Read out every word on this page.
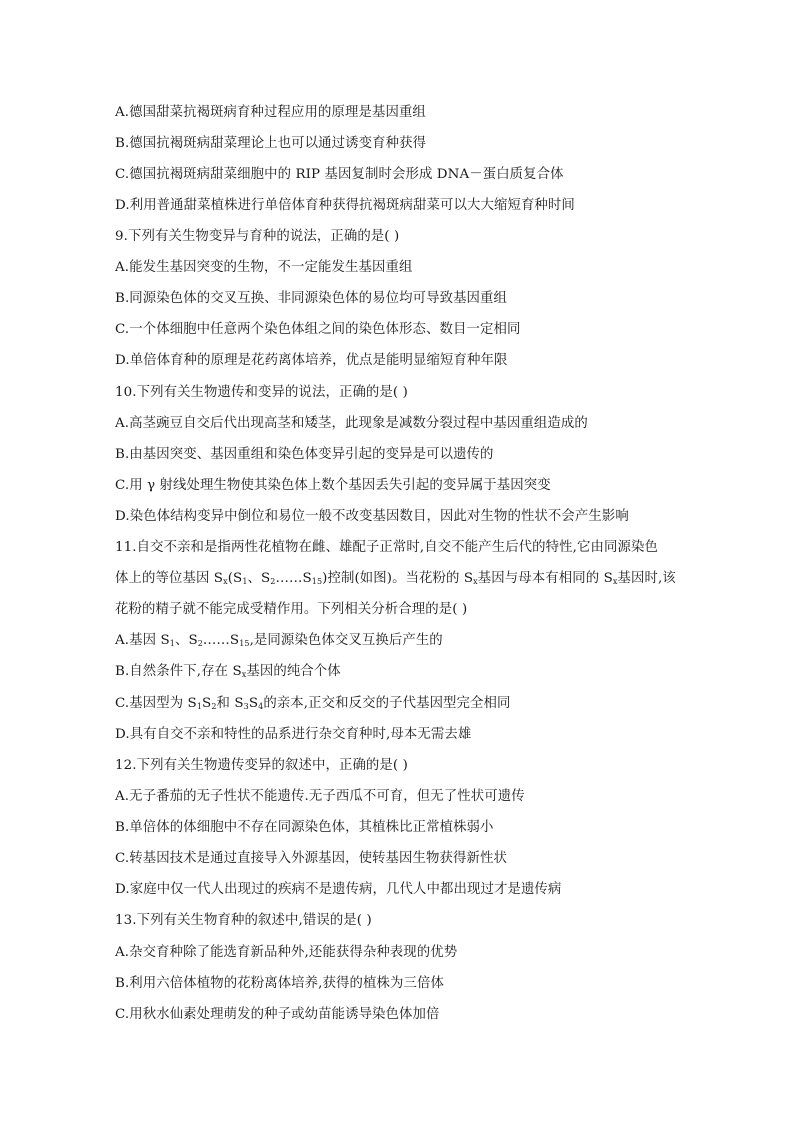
A.德国甜菜抗褐斑病育种过程应用的原理是基因重组
B.德国抗褐斑病甜菜理论上也可以通过诱变育种获得
C.德国抗褐斑病甜菜细胞中的 RIP 基因复制时会形成 DNA－蛋白质复合体
D.利用普通甜菜植株进行单倍体育种获得抗褐斑病甜菜可以大大缩短育种时间
9.下列有关生物变异与育种的说法，正确的是( )
A.能发生基因突变的生物，不一定能发生基因重组
B.同源染色体的交叉互换、非同源染色体的易位均可导致基因重组
C.一个体细胞中任意两个染色体组之间的染色体形态、数目一定相同
D.单倍体育种的原理是花药离体培养，优点是能明显缩短育种年限
10.下列有关生物遗传和变异的说法，正确的是( )
A.高茎豌豆自交后代出现高茎和矮茎，此现象是减数分裂过程中基因重组造成的
B.由基因突变、基因重组和染色体变异引起的变异是可以遗传的
C.用 γ 射线处理生物使其染色体上数个基因丢失引起的变异属于基因突变
D.染色体结构变异中倒位和易位一般不改变基因数目，因此对生物的性状不会产生影响
11.自交不亲和是指两性花植物在雌、雄配子正常时,自交不能产生后代的特性,它由同源染色
体上的等位基因 $S_x(S_1$、$S_2\dots\dots S_{15}$)控制(如图)。当花粉的 $S_x$基因与母本有相同的 $S_x$基因时,该
花粉的精子就不能完成受精作用。下列相关分析合理的是( )
A.基因 $S_1$、$S_2\dots\dots S_{15}$,是同源染色体交叉互换后产生的
B.自然条件下,存在 $S_x$基因的纯合个体
C.基因型为 $S_1S_2$和 $S_3S_4$的亲本,正交和反交的子代基因型完全相同
D.具有自交不亲和特性的品系进行杂交育种时,母本无需去雄
12.下列有关生物遗传变异的叙述中，正确的是( )
A.无子番茄的无子性状不能遗传.无子西瓜不可育，但无了性状可遗传
B.单倍体的体细胞中不存在同源染色体，其植株比正常植株弱小
C.转基因技术是通过直接导入外源基因，使转基因生物获得新性状
D.家庭中仅一代人出现过的疾病不是遗传病，几代人中都出现过才是遗传病
13.下列有关生物育种的叙述中,错误的是( )
A.杂交育种除了能选育新品种外,还能获得杂种表现的优势
B.利用六倍体植物的花粉离体培养,获得的植株为三倍体
C.用秋水仙素处理萌发的种子或幼苗能诱导染色体加倍
